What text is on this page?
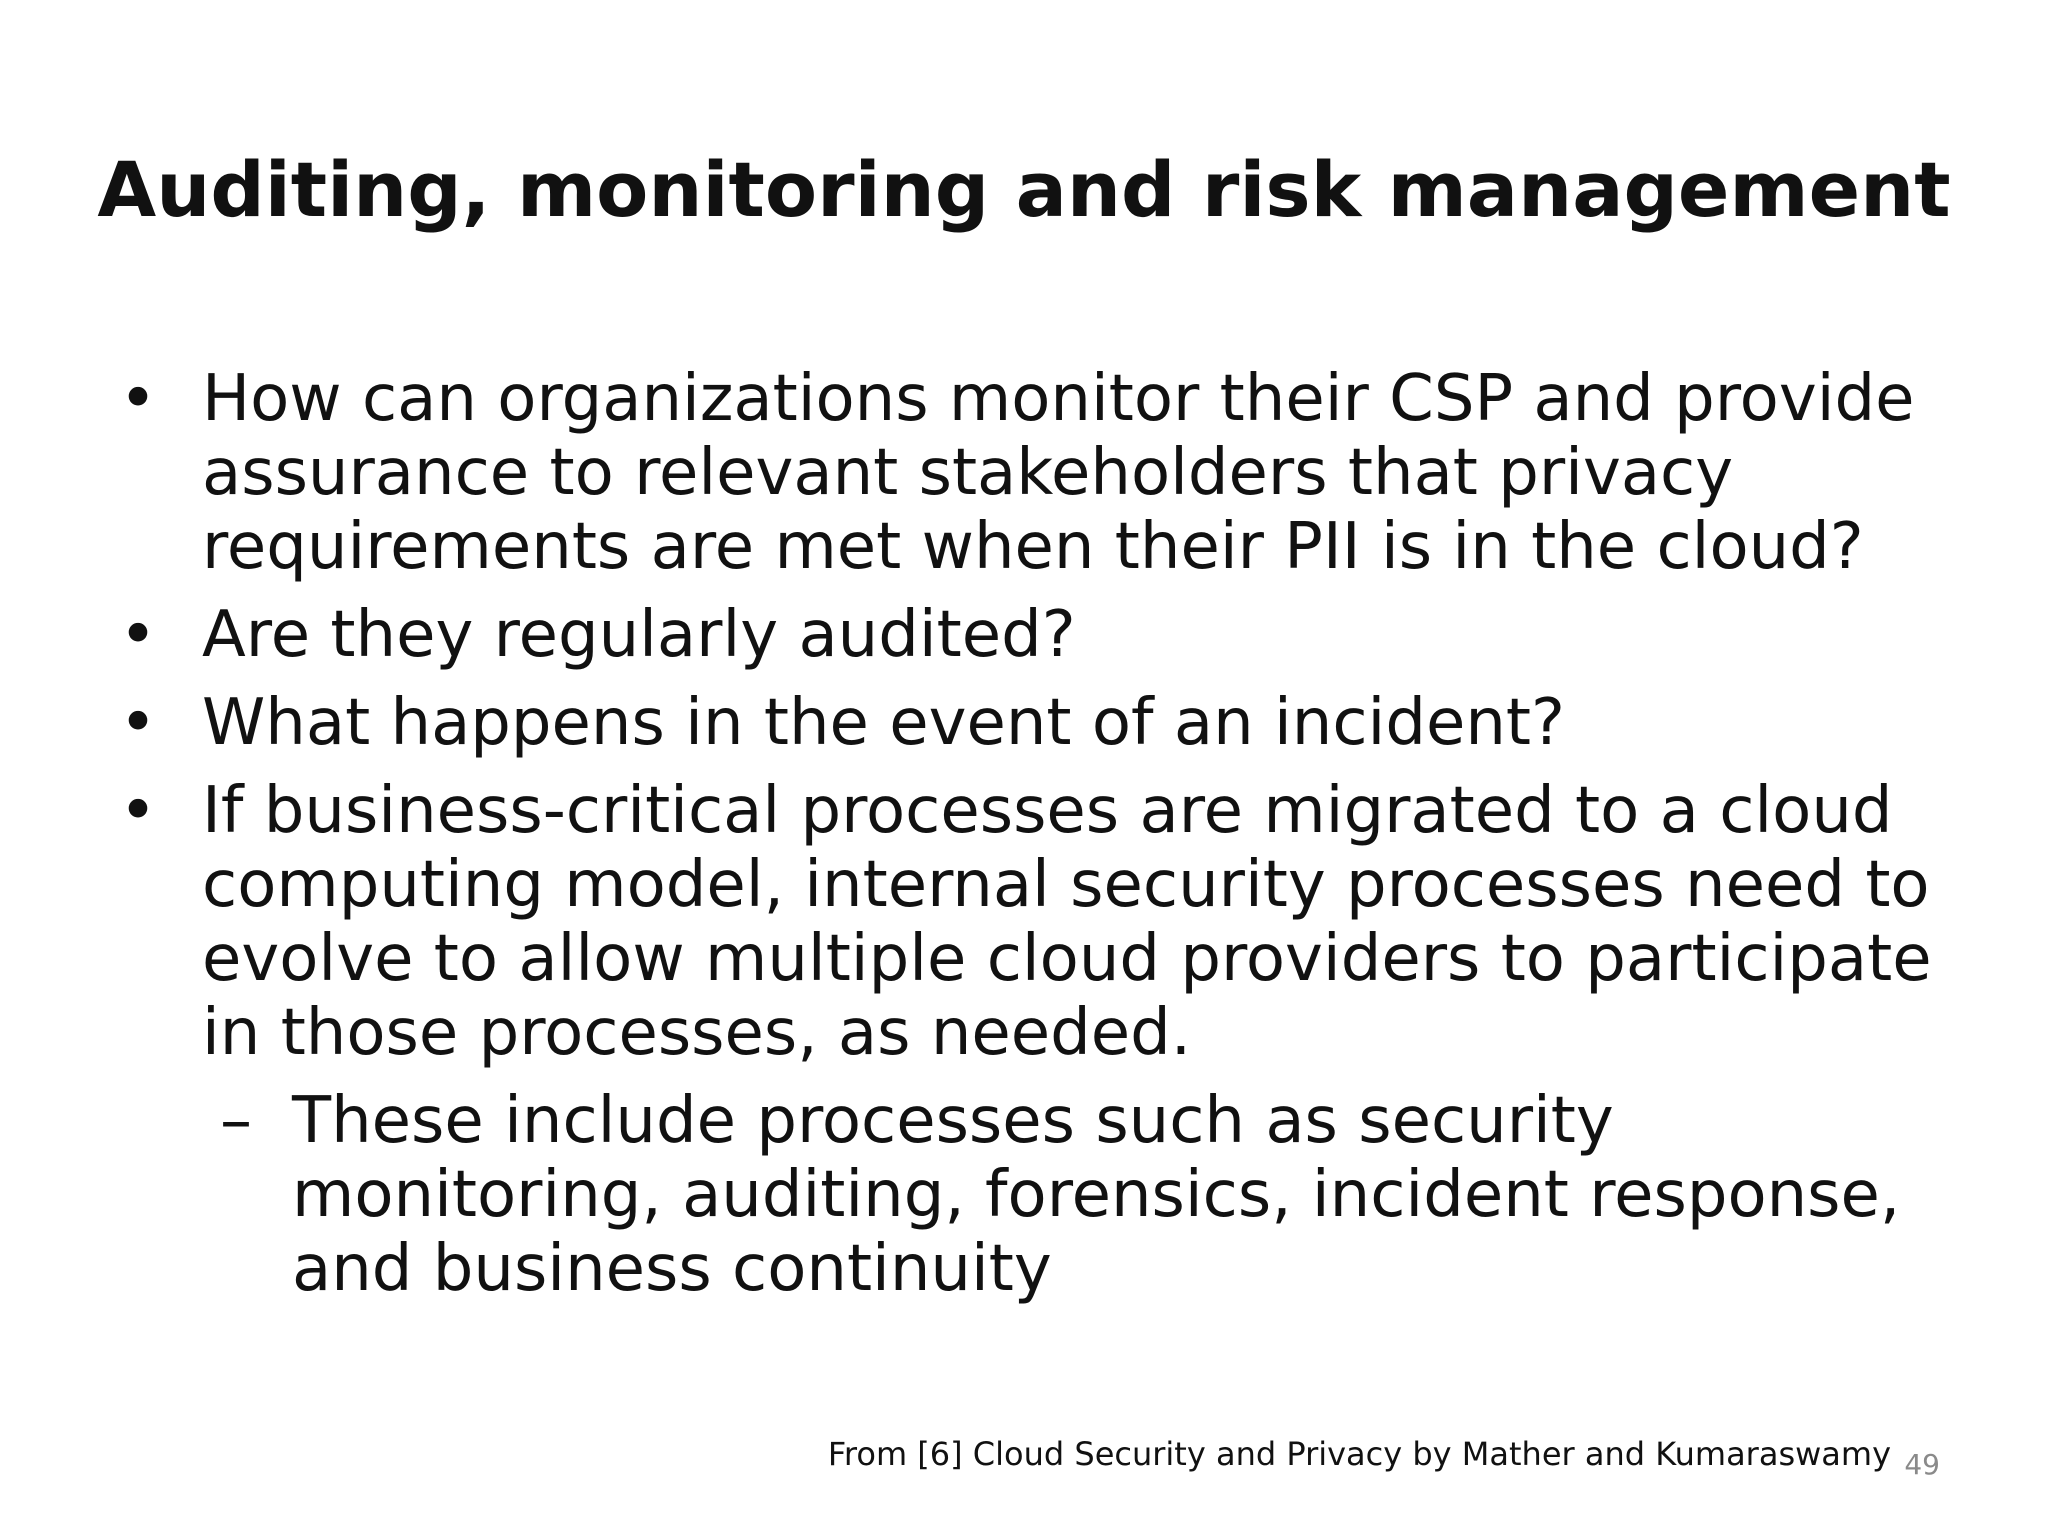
Auditing, monitoring and risk management
• How can organizations monitor their CSP and provide assurance to relevant stakeholders that privacy requirements are met when their PII is in the cloud?
• Are they regularly audited?
• What happens in the event of an incident?
• If business-critical processes are migrated to a cloud computing model, internal security processes need to evolve to allow multiple cloud providers to participate in those processes, as needed.
– These include processes such as security monitoring, auditing, forensics, incident response, and business continuity
From [6] Cloud Security and Privacy by Mather and Kumaraswamy 49
